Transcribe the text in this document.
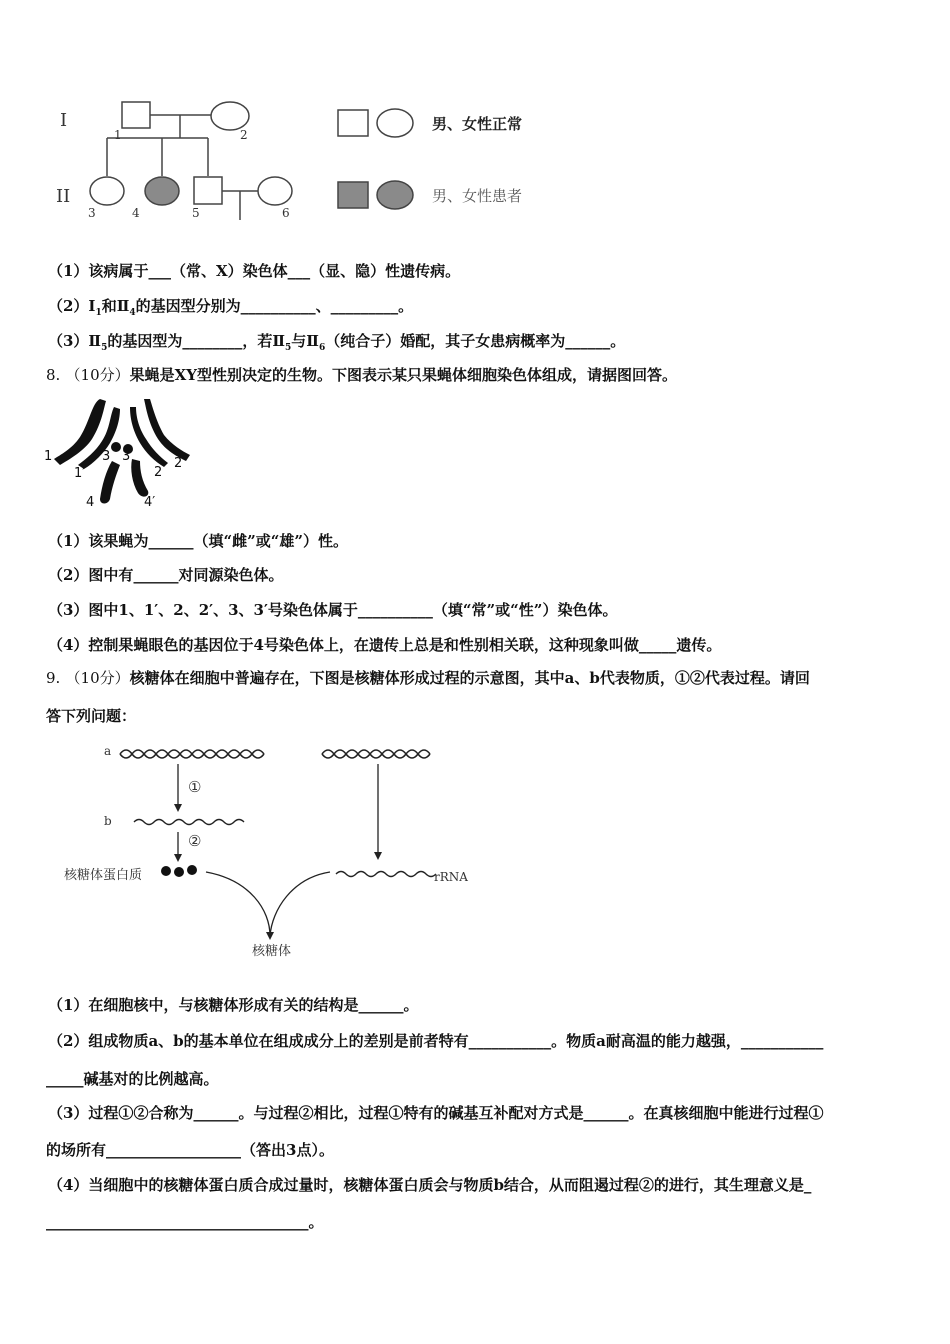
I
II
1	2
3	4	5	6
男、女性正常
男、女性患者
（1）该病属于___（常、X）染色体___（显、隐）性遗传病。
$(2)Ⅰ_1$和$Ⅱ_4$的基因型分别为__________、_________。
$(3)Ⅱ_5$的基因型为________，若$Ⅱ_5$与$Ⅱ_6$（纯合子）婚配，其子女患病概率为______。
8. （10分）果蝇是XY型性别决定的生物。下图表示某只果蝇体细胞染色体组成，请据图回答。
1
1′	2
2′
3 3′
4	4′
（1）该果蝇为______（填“雌”或“雄”）性。
（2）图中有______对同源染色体。
（3）图中1、1′、2、2′、3、3′号染色体属于__________（填“常”或“性”）染色体。
（4）控制果蝇眼色的基因位于4号染色体上，在遗传上总是和性别相关联，这种现象叫做_____遗传。
9. （10分）核糖体在细胞中普遍存在，下图是核糖体形成过程的示意图，其中a、b代表物质，①②代表过程。请回
答下列问题：
a
b
①
②
核糖体蛋白质	rRNA
核糖体
（1）在细胞核中，与核糖体形成有关的结构是______。
（2）组成物质a、b的基本单位在组成成分上的差别是前者特有___________。物质a耐高温的能力越强，___________
_____碱基对的比例越高。
（3）过程①②合称为______。与过程②相比，过程①特有的碱基互补配对方式是______。在真核细胞中能进行过程①
的场所有__________________（答出3点）。
（4）当细胞中的核糖体蛋白质合成过量时，核糖体蛋白质会与物质b结合，从而阻遏过程②的进行，其生理意义是_
___________________________________。
